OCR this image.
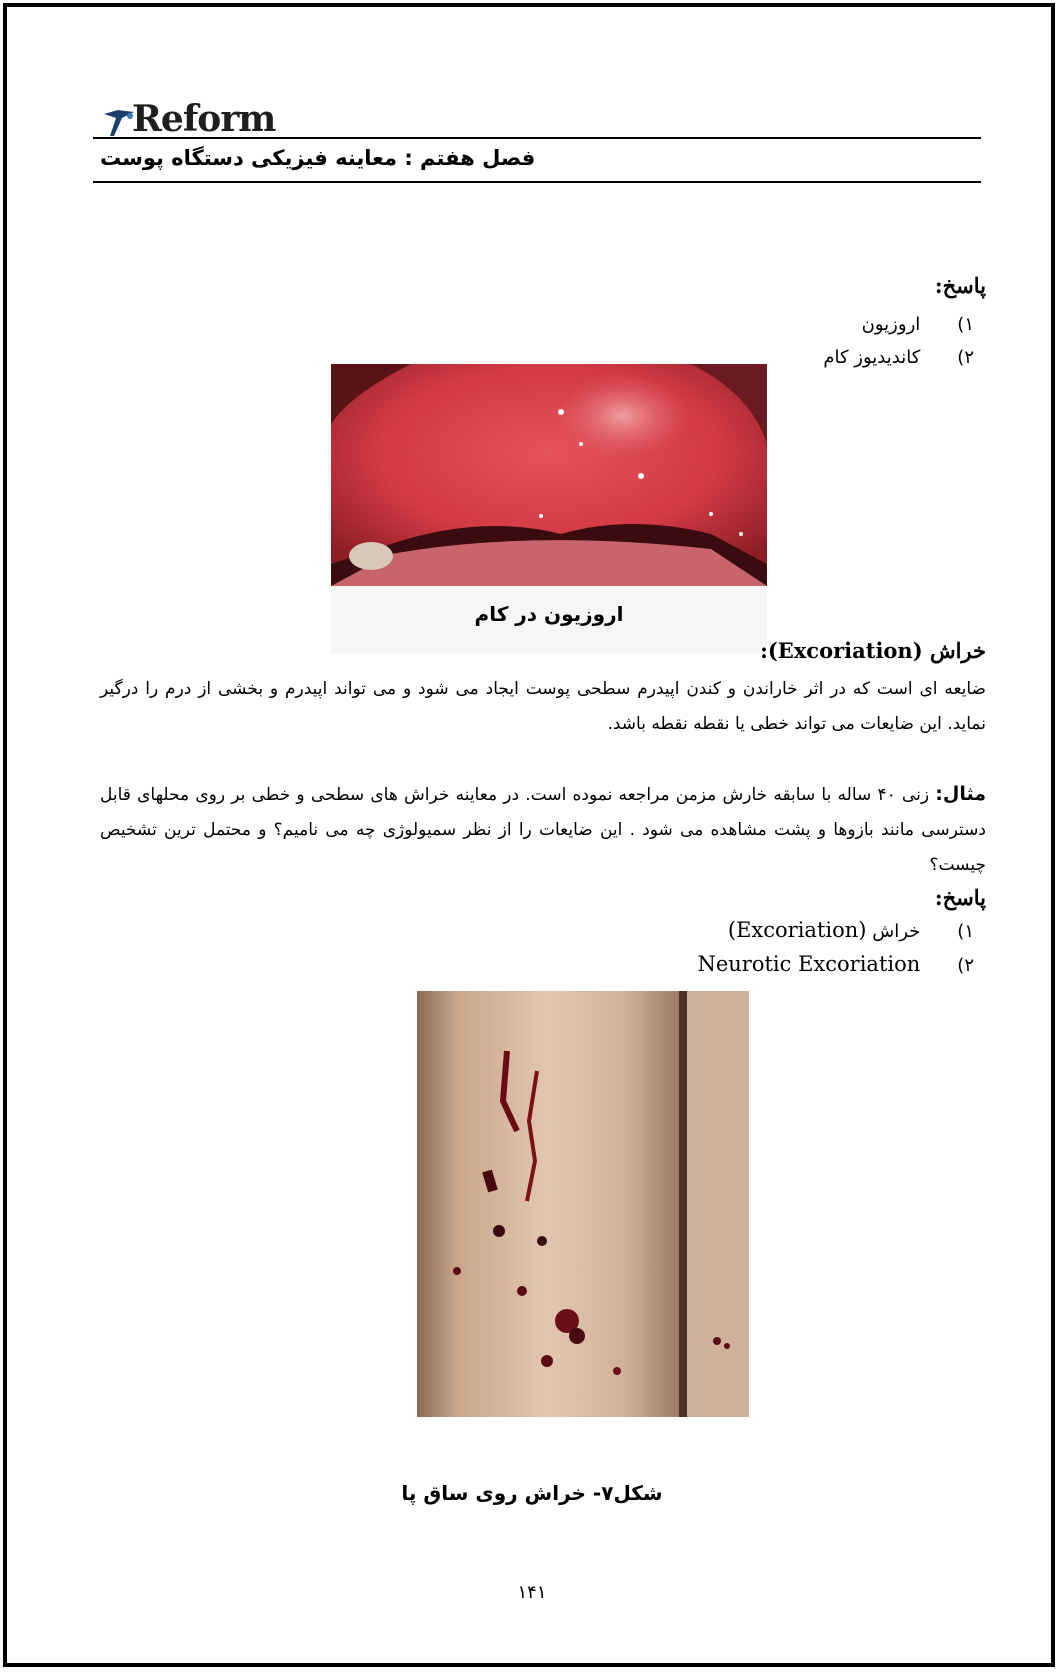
Reform
فصل هفتم : معاینه فیزیکی دستگاه پوست
پاسخ:
۱) اروزیون
۲) کاندیدیوز کام
اروزیون در کام
خراش (Excoriation):
ضایعه ای است که در اثر خاراندن و کندن اپیدرم سطحی پوست ایجاد می شود و می تواند اپیدرم و بخشی از درم را درگیر نماید. این ضایعات می تواند خطی یا نقطه نقطه باشد.
مثال: زنی ۴۰ ساله با سابقه خارش مزمن مراجعه نموده است. در معاینه خراش های سطحی و خطی بر روی محلهای قابل دسترسی مانند بازوها و پشت مشاهده می شود . این ضایعات را از نظر سمیولوژی چه می نامیم؟ و محتمل ترین تشخیص چیست؟
پاسخ:
۱) خراش (Excoriation)
۲) Neurotic Excoriation
شکل۷- خراش روی ساق پا
۱۴۱
